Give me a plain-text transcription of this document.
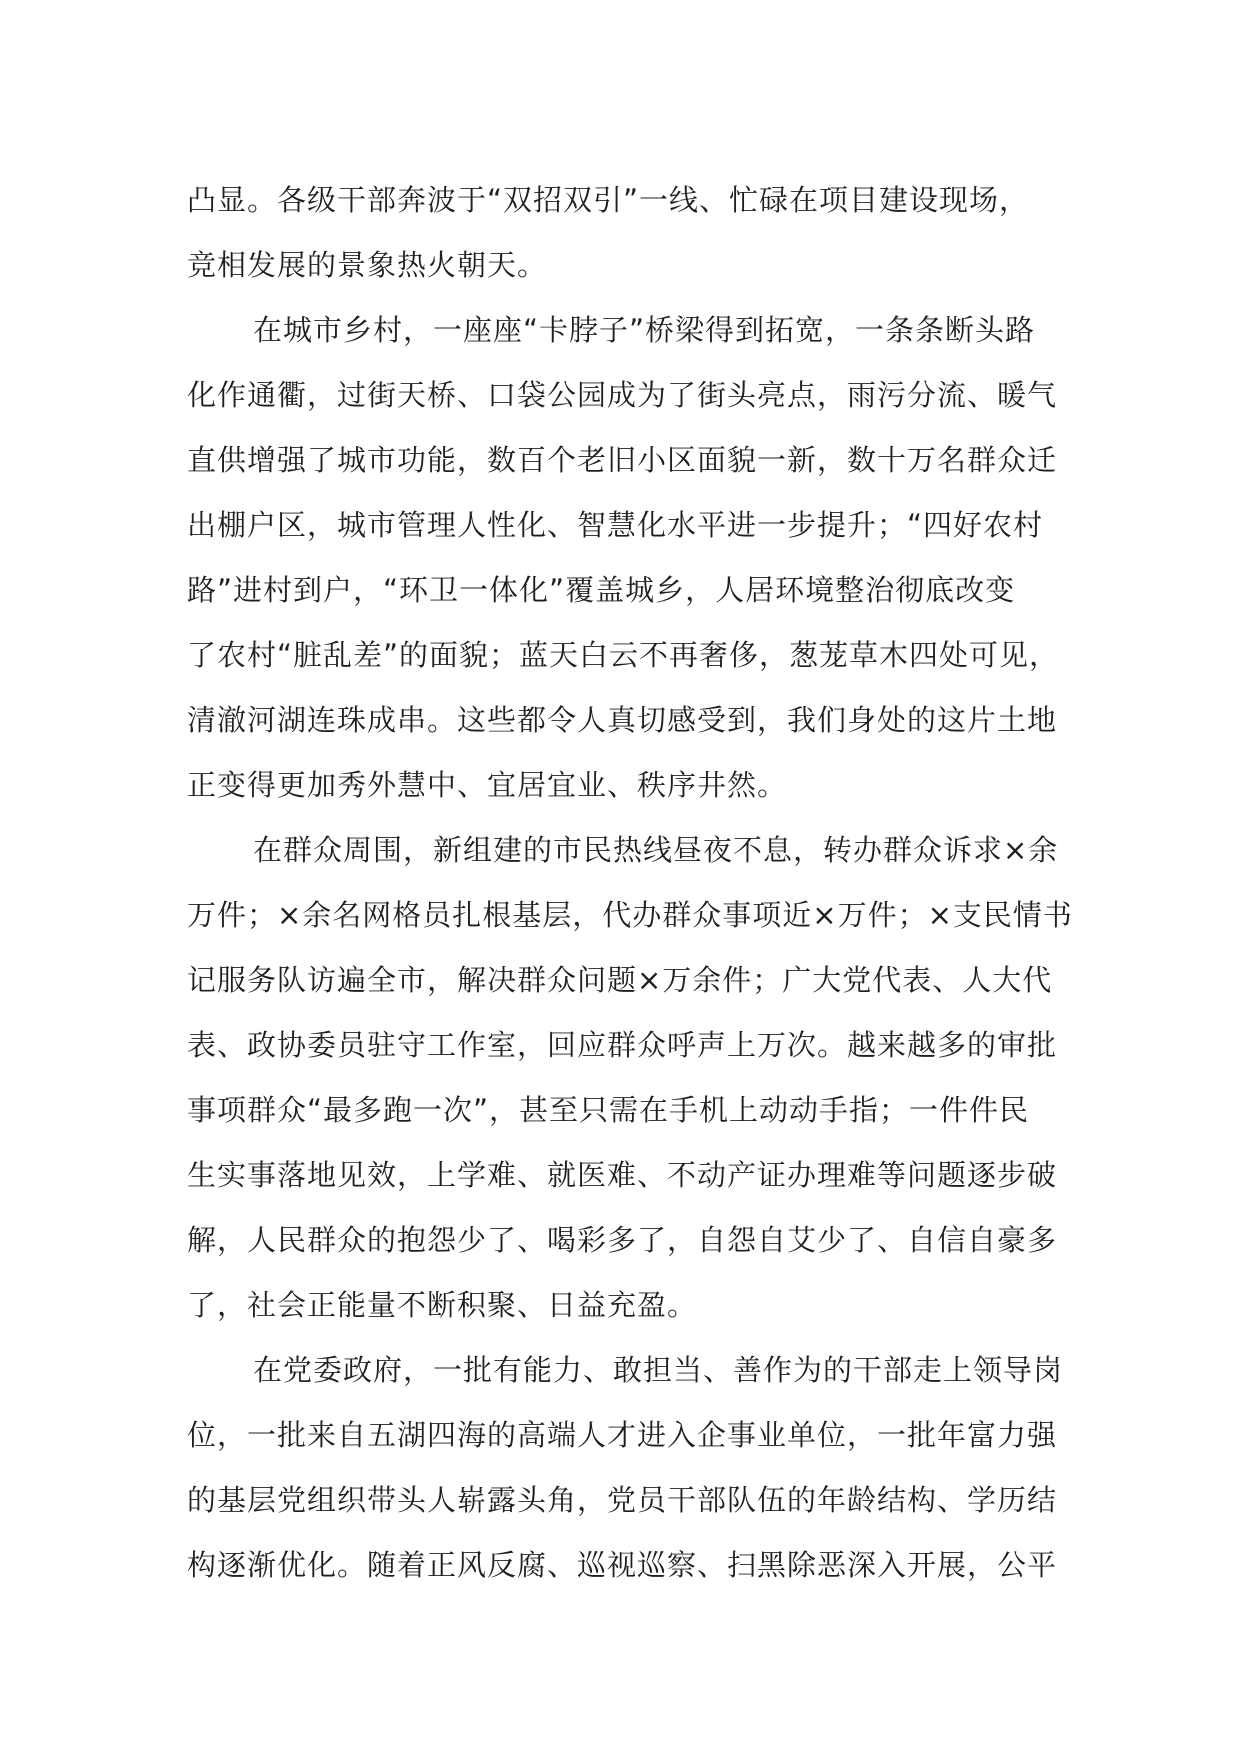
凸显。各级干部奔波于“双招双引”一线、忙碌在项目建设现场，
竞相发展的景象热火朝天。
在城市乡村，一座座“卡脖子”桥梁得到拓宽，一条条断头路
化作通衢，过街天桥、口袋公园成为了街头亮点，雨污分流、暖气
直供增强了城市功能，数百个老旧小区面貌一新，数十万名群众迁
出棚户区，城市管理人性化、智慧化水平进一步提升；“四好农村
路”进村到户，“环卫一体化”覆盖城乡，人居环境整治彻底改变
了农村“脏乱差”的面貌；蓝天白云不再奢侈，葱茏草木四处可见，
清澈河湖连珠成串。这些都令人真切感受到，我们身处的这片土地
正变得更加秀外慧中、宜居宜业、秩序井然。
在群众周围，新组建的市民热线昼夜不息，转办群众诉求×余
万件；×余名网格员扎根基层，代办群众事项近×万件；×支民情书
记服务队访遍全市，解决群众问题×万余件；广大党代表、人大代
表、政协委员驻守工作室，回应群众呼声上万次。越来越多的审批
事项群众“最多跑一次”，甚至只需在手机上动动手指；一件件民
生实事落地见效，上学难、就医难、不动产证办理难等问题逐步破
解，人民群众的抱怨少了、喝彩多了，自怨自艾少了、自信自豪多
了，社会正能量不断积聚、日益充盈。
在党委政府，一批有能力、敢担当、善作为的干部走上领导岗
位，一批来自五湖四海的高端人才进入企事业单位，一批年富力强
的基层党组织带头人崭露头角，党员干部队伍的年龄结构、学历结
构逐渐优化。随着正风反腐、巡视巡察、扫黑除恶深入开展，公平
